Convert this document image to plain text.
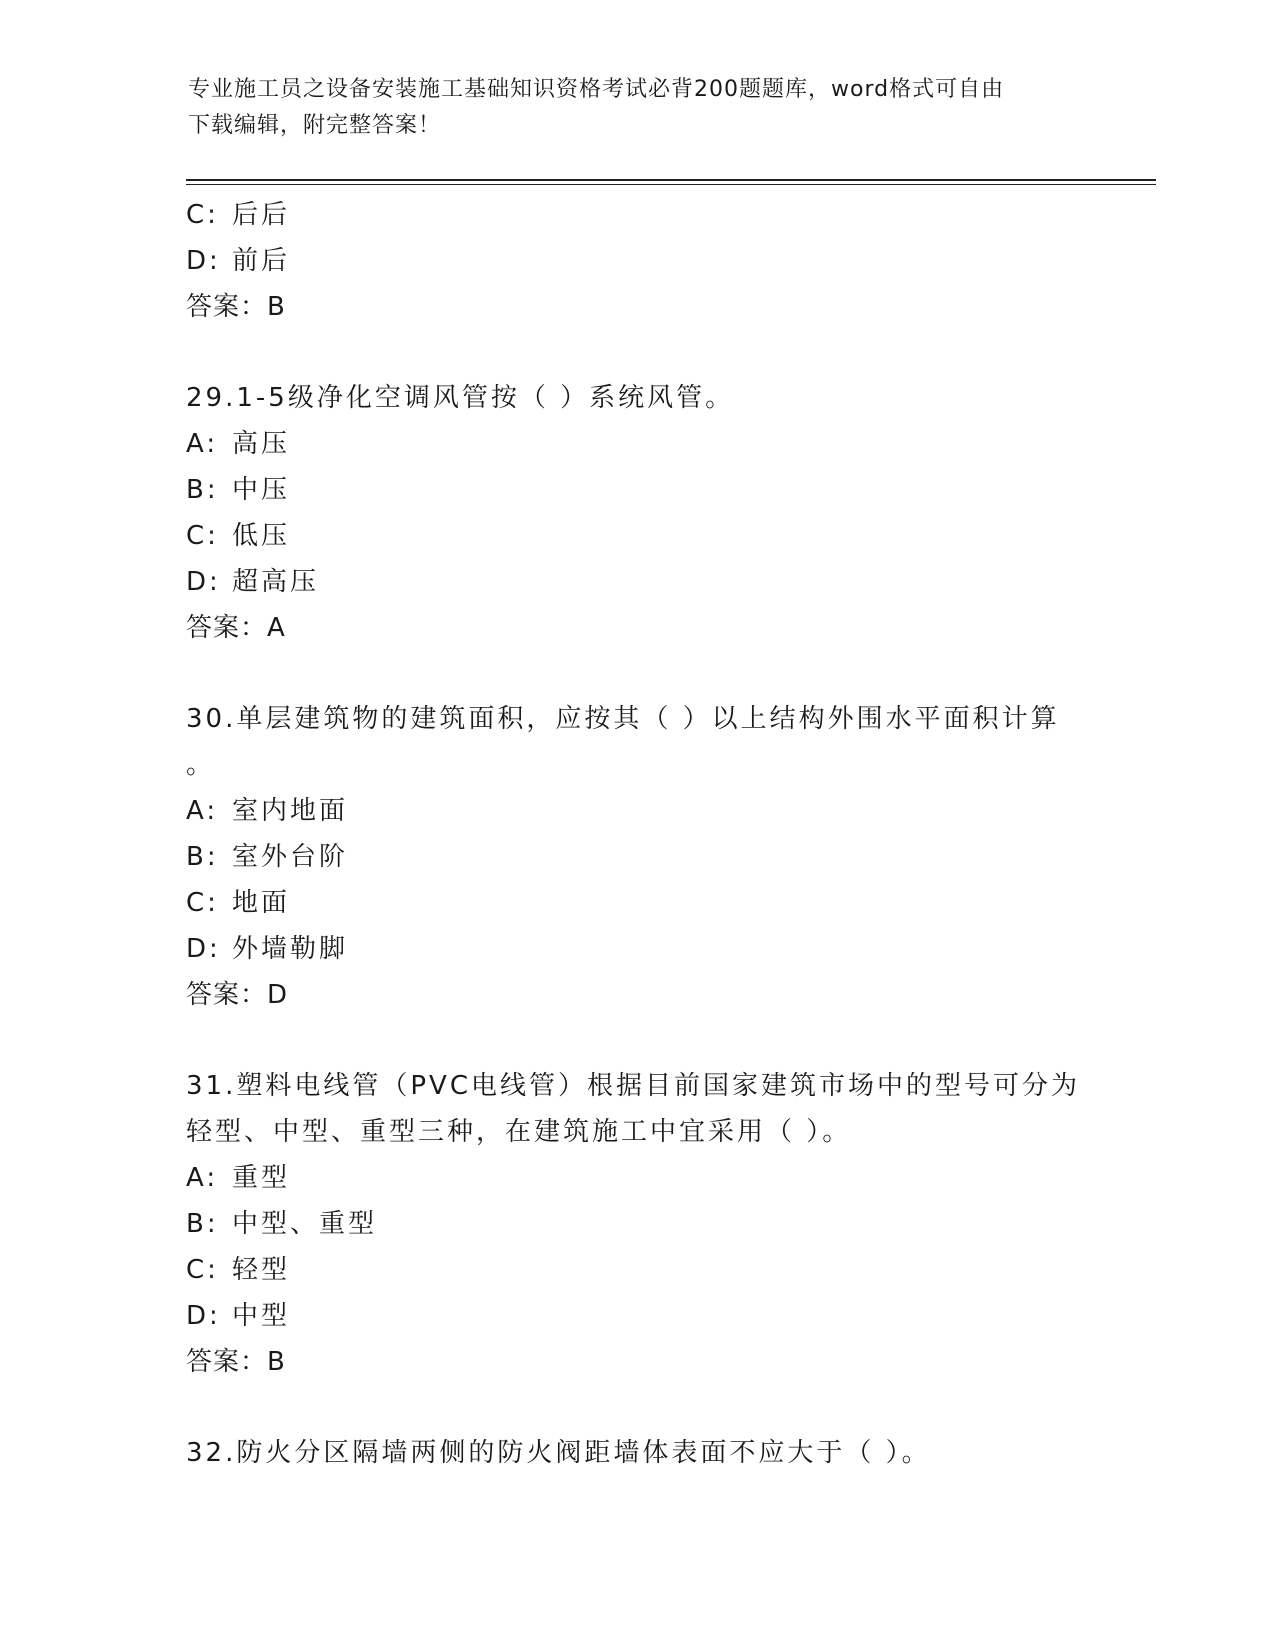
专业施工员之设备安装施工基础知识资格考试必背200题题库，word格式可自由
下载编辑，附完整答案！
C: 后后
D: 前后
答案：B
29.1-5级净化空调风管按（ ）系统风管。
A: 高压
B: 中压
C: 低压
D: 超高压
答案：A
30.单层建筑物的建筑面积，应按其（ ）以上结构外围水平面积计算
。
A: 室内地面
B: 室外台阶
C: 地面
D: 外墙勒脚
答案：D
31.塑料电线管（PVC电线管）根据目前国家建筑市场中的型号可分为
轻型、中型、重型三种，在建筑施工中宜采用（ ）。
A: 重型
B: 中型、重型
C: 轻型
D: 中型
答案：B
32.防火分区隔墙两侧的防火阀距墙体表面不应大于（ ）。
